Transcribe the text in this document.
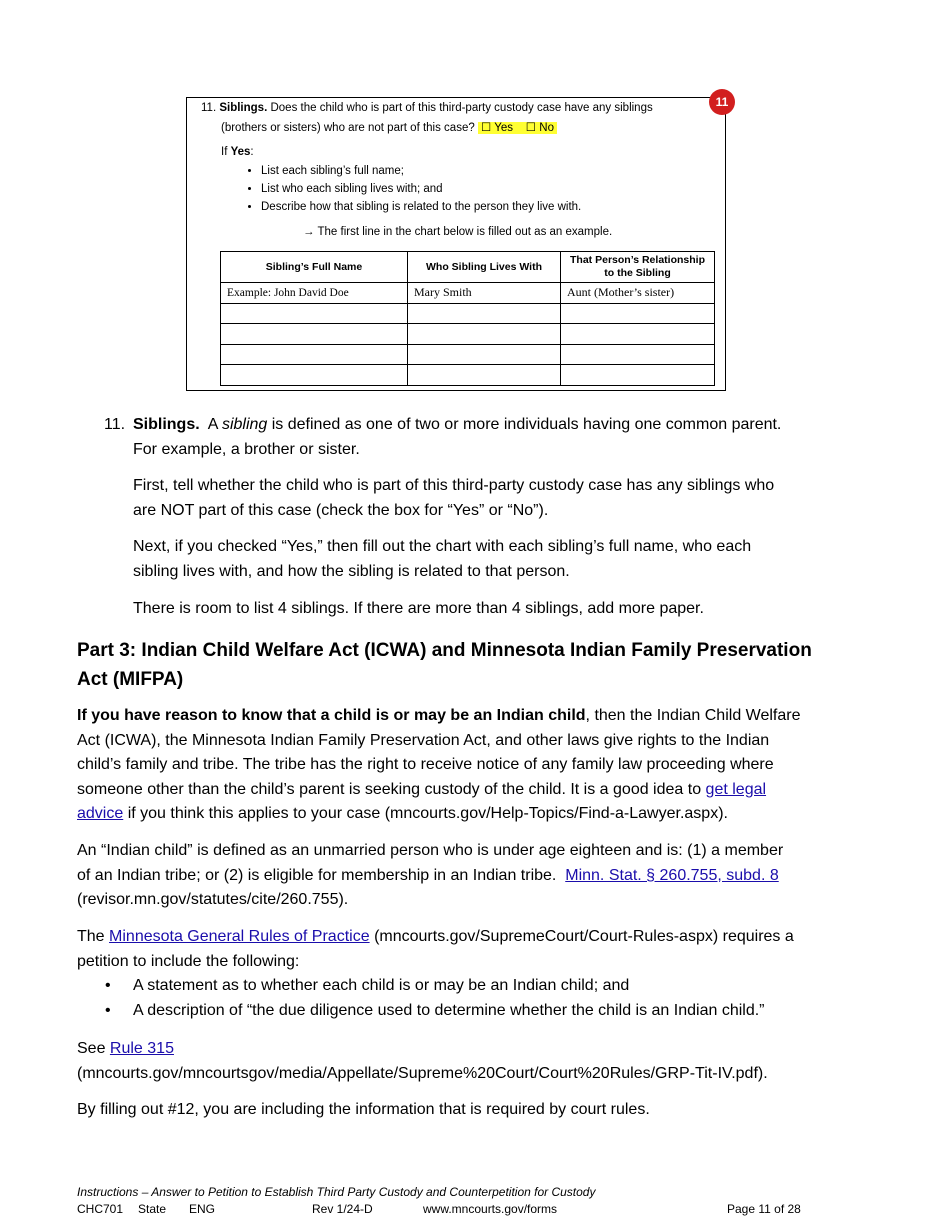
11. Siblings. Does the child who is part of this third-party custody case have any siblings
(brothers or sisters) who are not part of this case? ☐ Yes ☐ No
If Yes:
• List each sibling’s full name;
• List who each sibling lives with; and
• Describe how that sibling is related to the person they live with.
→ The first line in the chart below is filled out as an example.
Sibling’s Full Name	Who Sibling Lives With	That Person’s Relationship to the Sibling
Example: John David Doe	Mary Smith	Aunt (Mother’s sister)

11
11. Siblings. A sibling is defined as one of two or more individuals having one common parent.
For example, a brother or sister.
First, tell whether the child who is part of this third-party custody case has any siblings who
are NOT part of this case (check the box for “Yes” or “No”).
Next, if you checked “Yes,” then fill out the chart with each sibling’s full name, who each
sibling lives with, and how the sibling is related to that person.
There is room to list 4 siblings. If there are more than 4 siblings, add more paper.
Part 3: Indian Child Welfare Act (ICWA) and Minnesota Indian Family Preservation
Act (MIFPA)
If you have reason to know that a child is or may be an Indian child, then the Indian Child Welfare
Act (ICWA), the Minnesota Indian Family Preservation Act, and other laws give rights to the Indian
child’s family and tribe. The tribe has the right to receive notice of any family law proceeding where
someone other than the child’s parent is seeking custody of the child. It is a good idea to get legal
advice if you think this applies to your case (mncourts.gov/Help-Topics/Find-a-Lawyer.aspx).
An “Indian child” is defined as an unmarried person who is under age eighteen and is: (1) a member
of an Indian tribe; or (2) is eligible for membership in an Indian tribe. Minn. Stat. § 260.755, subd. 8
(revisor.mn.gov/statutes/cite/260.755).
The Minnesota General Rules of Practice (mncourts.gov/SupremeCourt/Court-Rules-aspx) requires a
petition to include the following:
• A statement as to whether each child is or may be an Indian child; and
• A description of “the due diligence used to determine whether the child is an Indian child.”
See Rule 315
(mncourts.gov/mncourtsgov/media/Appellate/Supreme%20Court/Court%20Rules/GRP-Tit-IV.pdf).
By filling out #12, you are including the information that is required by court rules.
Instructions – Answer to Petition to Establish Third Party Custody and Counterpetition for Custody
CHC701 State ENG	Rev 1/24-D	www.mncourts.gov/forms	Page 11 of 28
